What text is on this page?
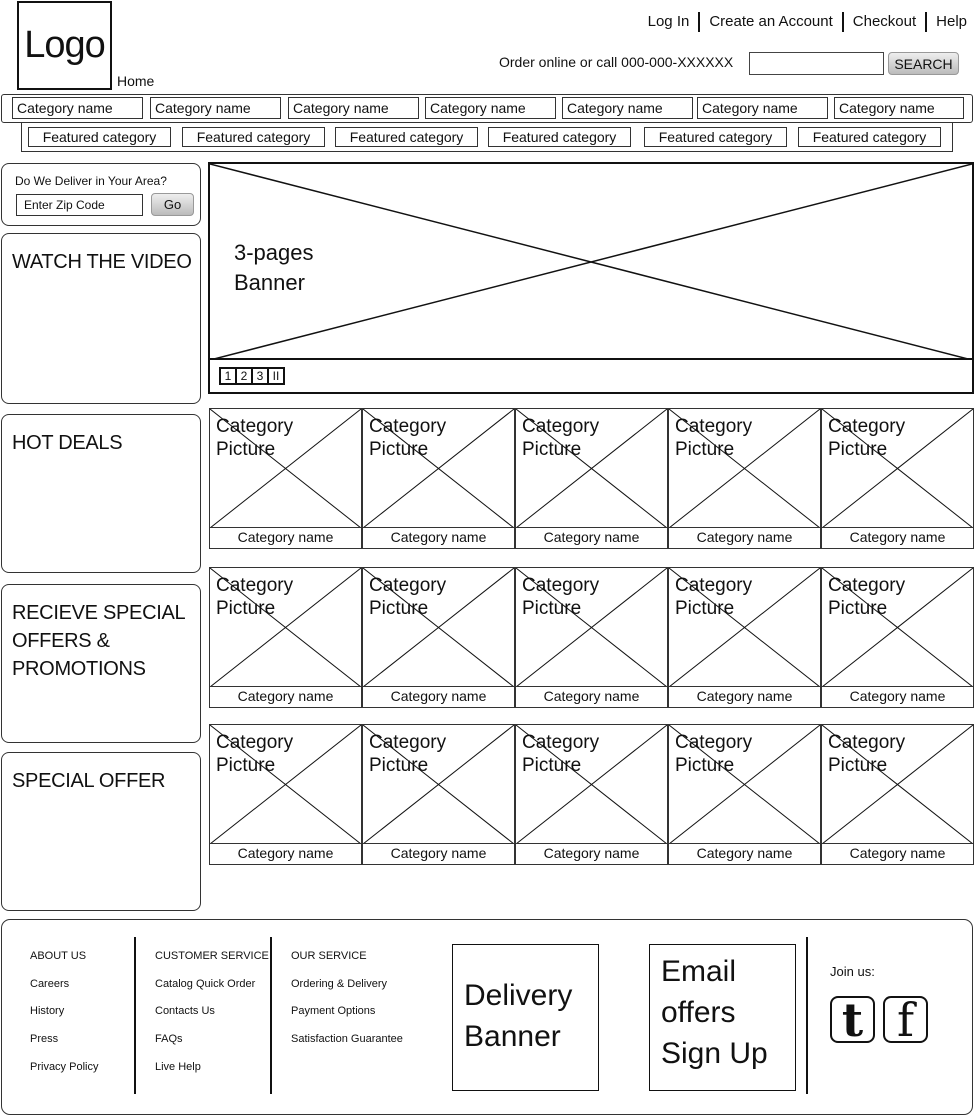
Logo
Home
Log In	Create an Account	Checkout	Help
Order online or call 000-000-XXXXXX	SEARCH
Category name	Category name	Category name	Category name	Category name	Category name	Category name
Featured category	Featured category	Featured category	Featured category	Featured category	Featured category
Do We Deliver in Your Area?
Enter Zip Code	Go
WATCH THE VIDEO
HOT DEALS
RECIEVE SPECIAL OFFERS & PROMOTIONS
SPECIAL OFFER
3-pages
Banner
1 2 3 II
Category
Picture
Category name
Category
Picture
Category name
Category
Picture
Category name
Category
Picture
Category name
Category
Picture
Category name
Category
Picture
Category name
Category
Picture
Category name
Category
Picture
Category name
Category
Picture
Category name
Category
Picture
Category name
Category
Picture
Category name
Category
Picture
Category name
Category
Picture
Category name
Category
Picture
Category name
Category
Picture
Category name
ABOUT US
Careers
History
Press
Privacy Policy
CUSTOMER SERVICE
Catalog Quick Order
Contacts Us
FAQs
Live Help
OUR SERVICE
Ordering & Delivery
Payment Options
Satisfaction Guarantee
Delivery
Banner
Email
offers
Sign Up
Join us:
t f
